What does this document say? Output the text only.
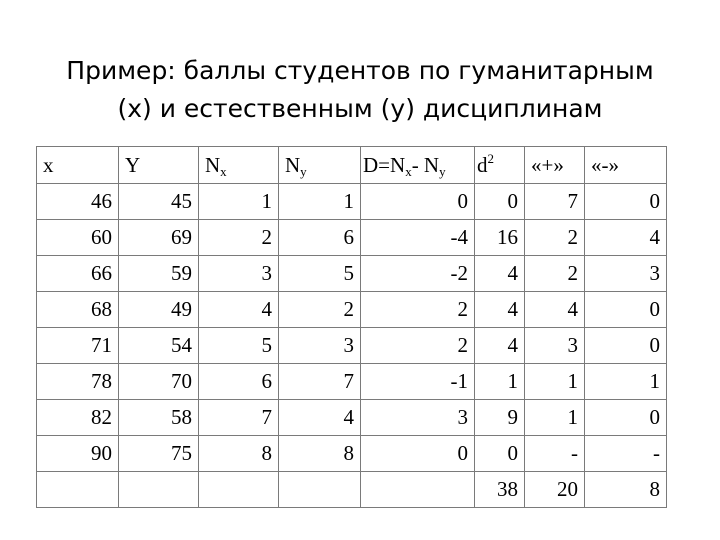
Пример: баллы студентов по гуманитарным
(x) и естественным (y) дисциплинам
x	Y	$N_x$	$N_y$	$D=N_x-$ $N_y$	$d^2$	«+»	«-»
46	45	1	1	0	0	7	0
60	69	2	6	-4	16	2	4
66	59	3	5	-2	4	2	3
68	49	4	2	2	4	4	0
71	54	5	3	2	4	3	0
78	70	6	7	-1	1	1	1
82	58	7	4	3	9	1	0
90	75	8	8	0	0	-	-
					38	20	8
